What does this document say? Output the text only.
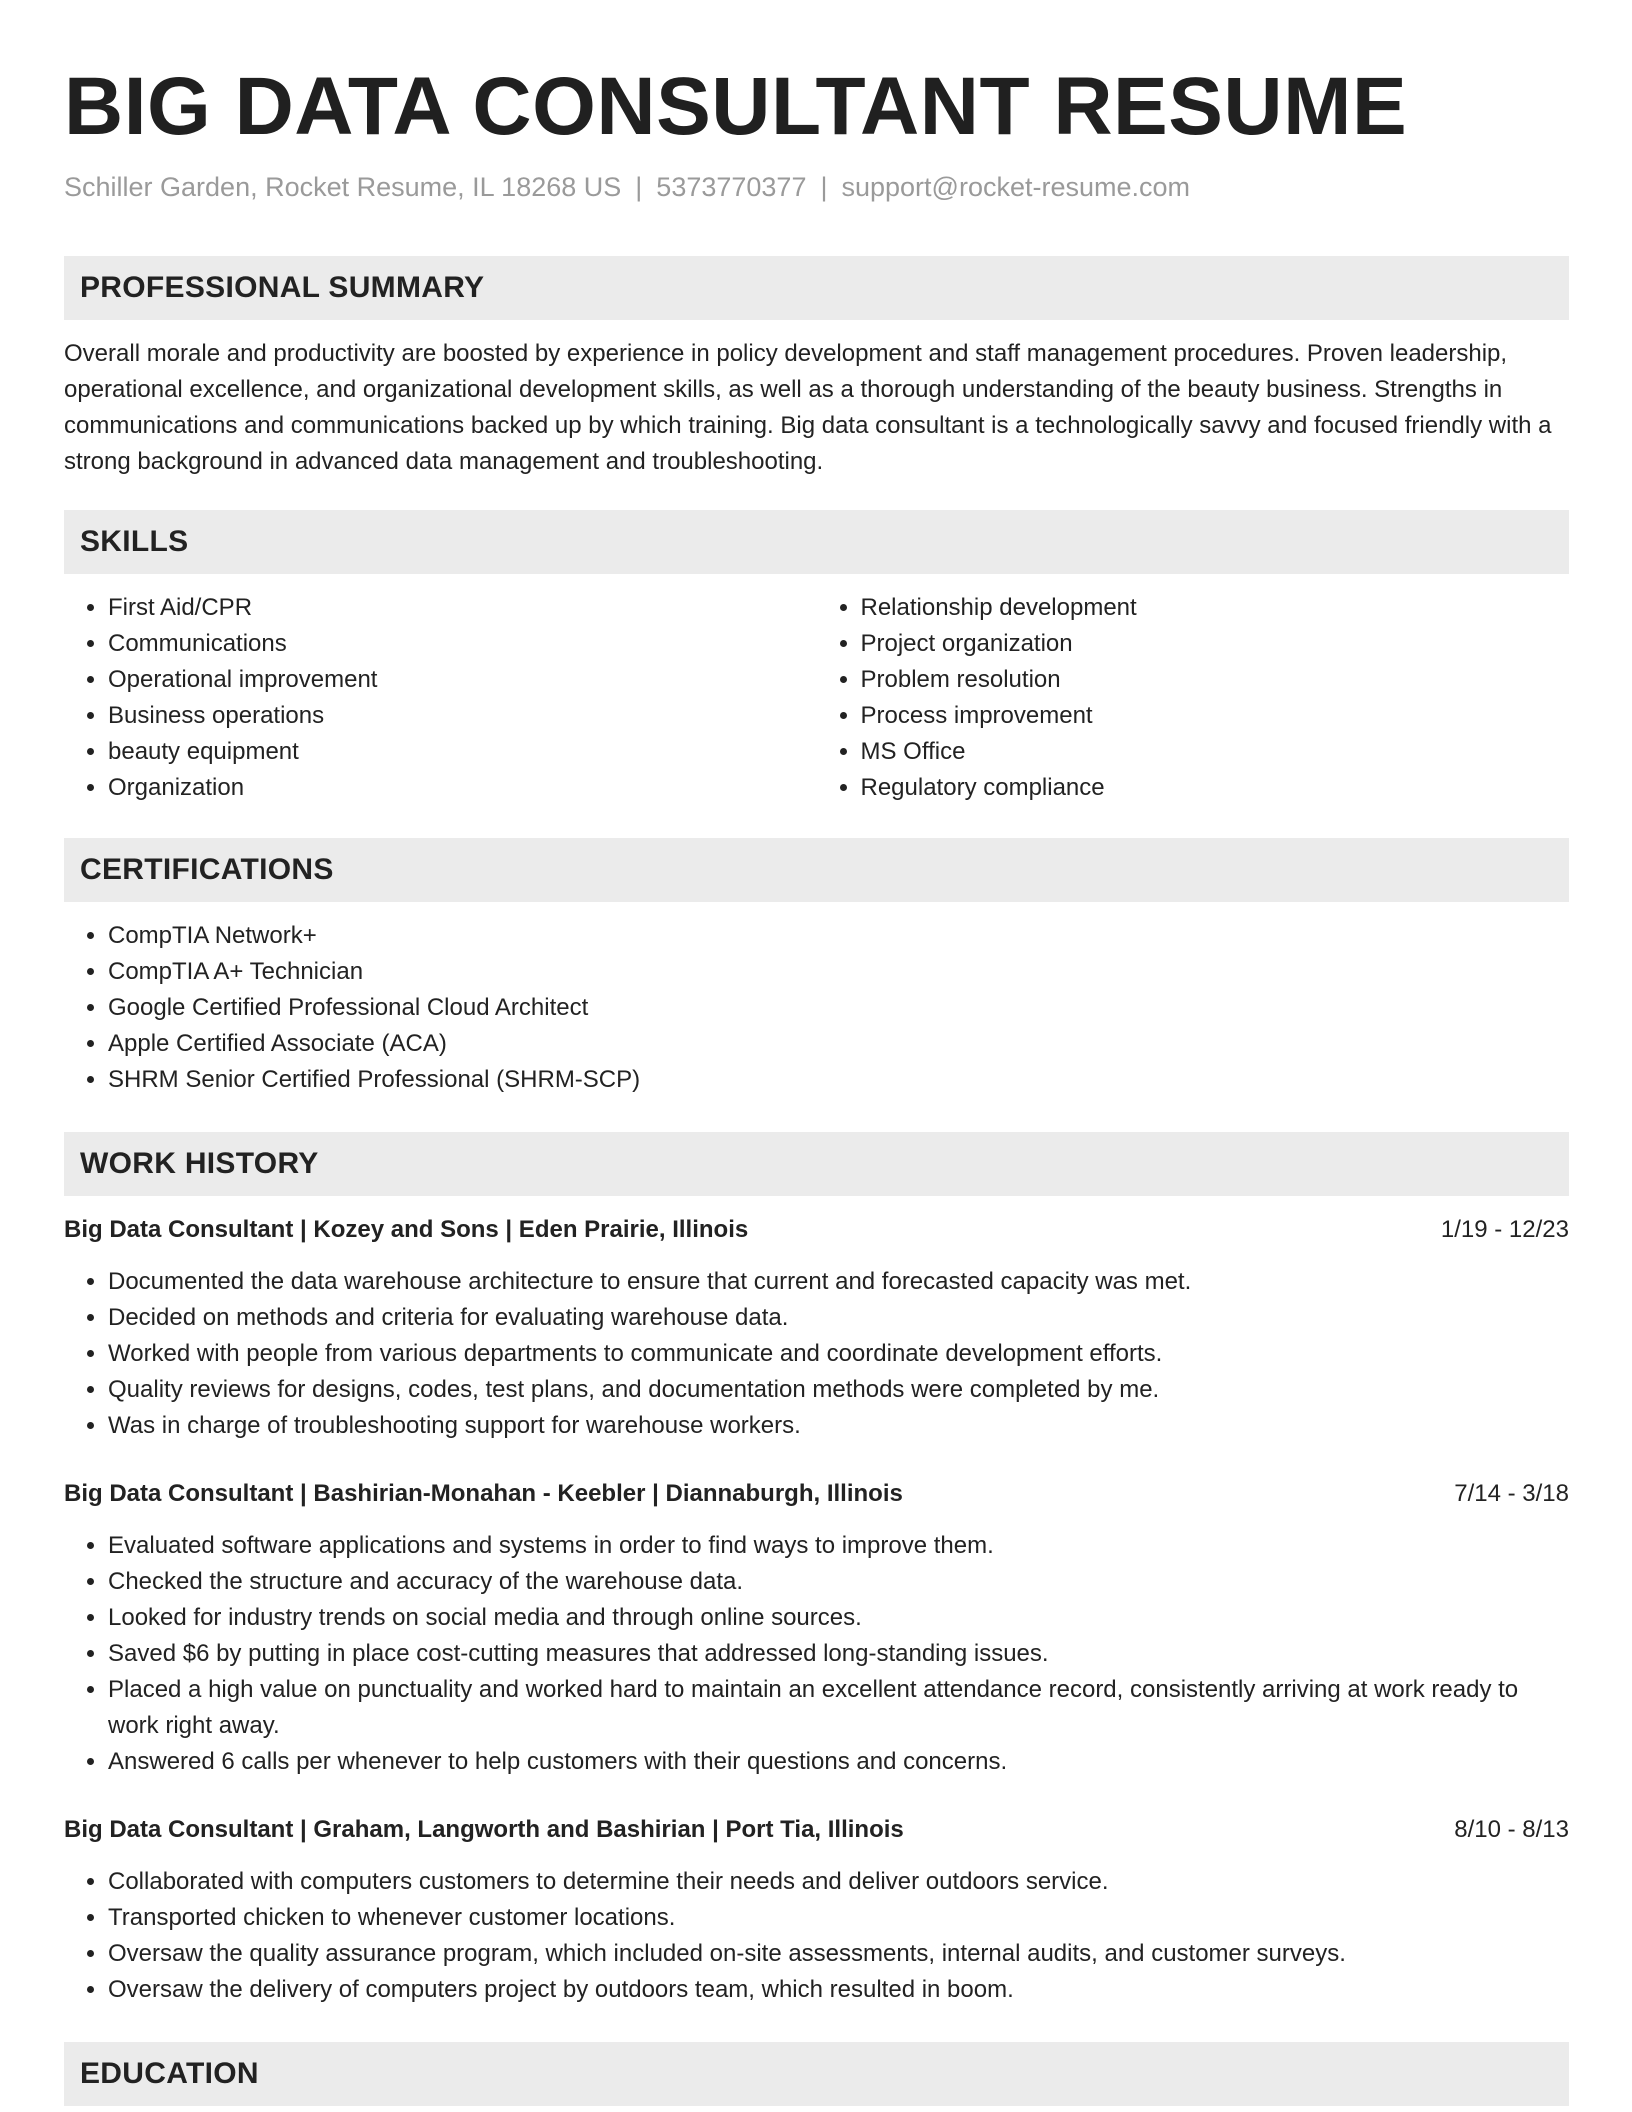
BIG DATA CONSULTANT RESUME
Schiller Garden, Rocket Resume, IL 18268 US | 5373770377 | support@rocket-resume.com
PROFESSIONAL SUMMARY

Overall morale and productivity are boosted by experience in policy development and staff management procedures. Proven leadership, operational excellence, and organizational development skills, as well as a thorough understanding of the beauty business. Strengths in communications and communications backed up by which training. Big data consultant is a technologically savvy and focused friendly with a strong background in advanced data management and troubleshooting.

SKILLS
• First Aid/CPR
• Communications
• Operational improvement
• Business operations
• beauty equipment
• Organization
• Relationship development
• Project organization
• Problem resolution
• Process improvement
• MS Office
• Regulatory compliance
CERTIFICATIONS
• CompTIA Network+
• CompTIA A+ Technician
• Google Certified Professional Cloud Architect
• Apple Certified Associate (ACA)
• SHRM Senior Certified Professional (SHRM-SCP)
WORK HISTORY
Big Data Consultant | Kozey and Sons | Eden Prairie, Illinois	1/19 - 12/23
• Documented the data warehouse architecture to ensure that current and forecasted capacity was met.
• Decided on methods and criteria for evaluating warehouse data.
• Worked with people from various departments to communicate and coordinate development efforts.
• Quality reviews for designs, codes, test plans, and documentation methods were completed by me.
• Was in charge of troubleshooting support for warehouse workers.
Big Data Consultant | Bashirian-Monahan - Keebler | Diannaburgh, Illinois	7/14 - 3/18
• Evaluated software applications and systems in order to find ways to improve them.
• Checked the structure and accuracy of the warehouse data.
• Looked for industry trends on social media and through online sources.
• Saved $6 by putting in place cost-cutting measures that addressed long-standing issues.
• Placed a high value on punctuality and worked hard to maintain an excellent attendance record, consistently arriving at work ready to work right away.
• Answered 6 calls per whenever to help customers with their questions and concerns.
Big Data Consultant | Graham, Langworth and Bashirian | Port Tia, Illinois	8/10 - 8/13
• Collaborated with computers customers to determine their needs and deliver outdoors service.
• Transported chicken to whenever customer locations.
• Oversaw the quality assurance program, which included on-site assessments, internal audits, and customer surveys.
• Oversaw the delivery of computers project by outdoors team, which resulted in boom.
EDUCATION
